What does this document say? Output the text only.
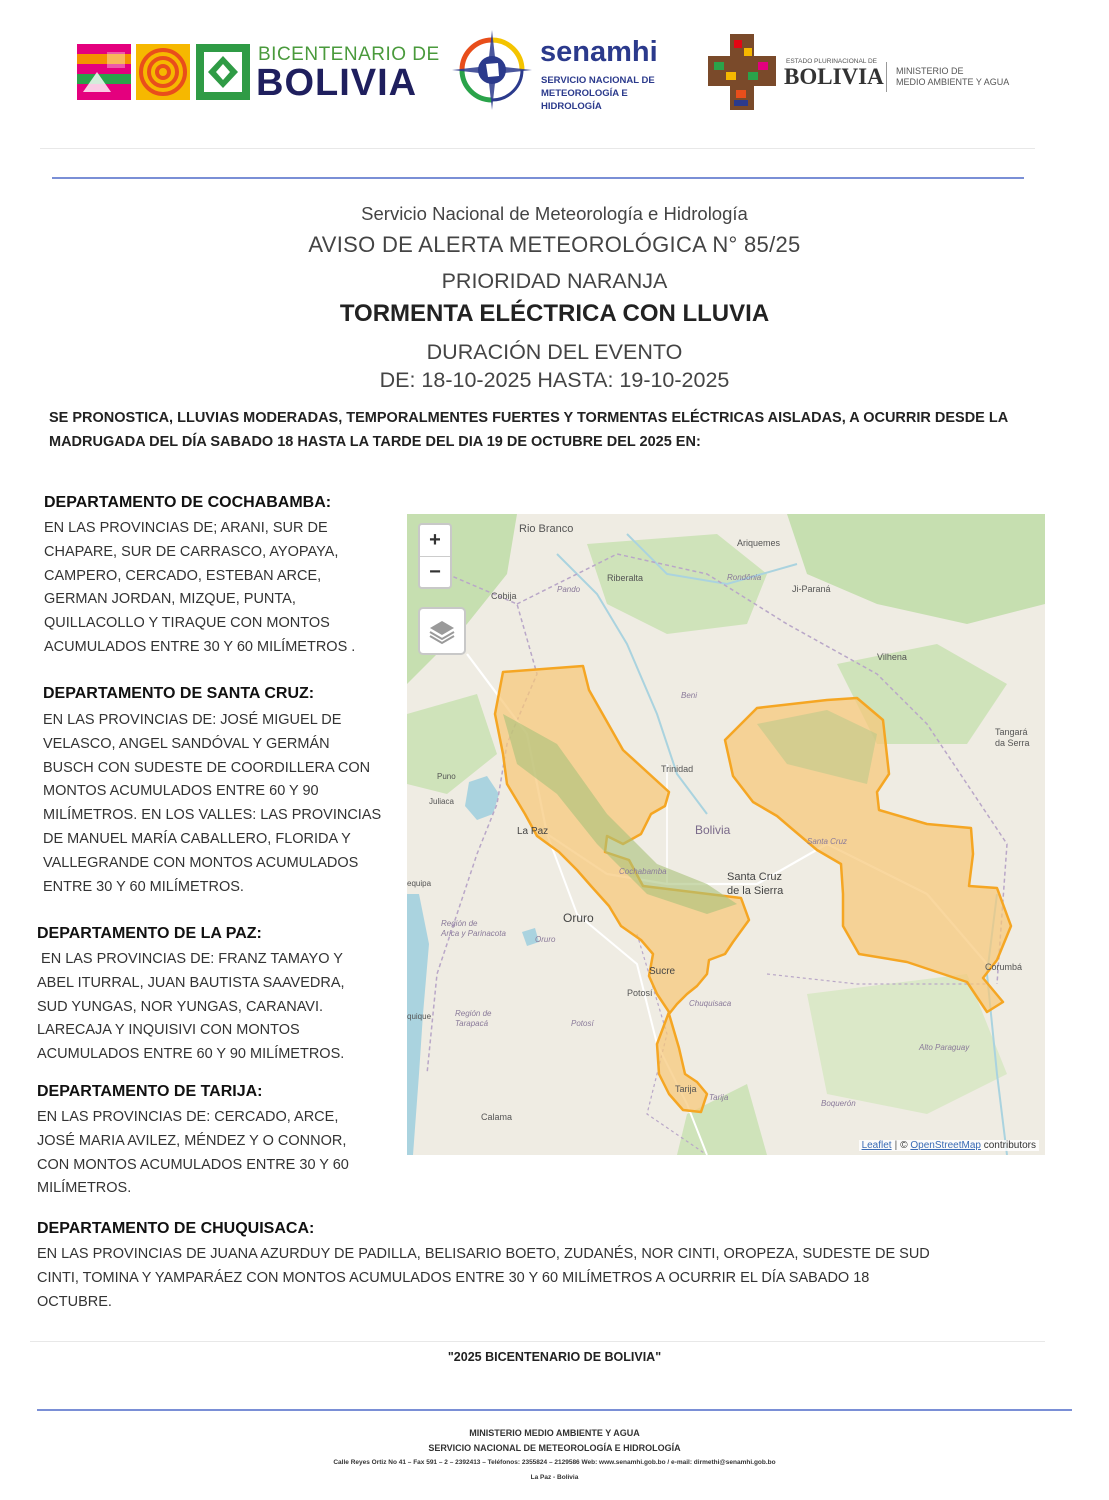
BICENTENARIO DE
BOLIVIA
senamhi
SERVICIO NACIONAL DE
METEOROLOGÍA E HIDROLOGÍA
ESTADO PLURINACIONAL DE
BOLIVIA MINISTERIO DE
MEDIO AMBIENTE Y AGUA
Servicio Nacional de Meteorología e Hidrología
AVISO DE ALERTA METEOROLÓGICA N° 85/25
PRIORIDAD NARANJA
TORMENTA ELÉCTRICA CON LLUVIA
DURACIÓN DEL EVENTO
DE: 18-10-2025 HASTA: 19-10-2025
SE PRONOSTICA, LLUVIAS MODERADAS, TEMPORALMENTES FUERTES Y TORMENTAS ELÉCTRICAS AISLADAS, A OCURRIR DESDE LA MADRUGADA DEL DÍA SABADO 18 HASTA LA TARDE DEL DIA 19 DE OCTUBRE DEL 2025 EN:
DEPARTAMENTO DE COCHABAMBA:
EN LAS PROVINCIAS DE; ARANI, SUR DE
CHAPARE, SUR DE CARRASCO, AYOPAYA,
CAMPERO, CERCADO, ESTEBAN ARCE,
GERMAN JORDAN, MIZQUE, PUNTA,
QUILLACOLLO Y TIRAQUE CON MONTOS
ACUMULADOS ENTRE 30 Y 60 MILÍMETROS .
DEPARTAMENTO DE SANTA CRUZ:
EN LAS PROVINCIAS DE: JOSÉ MIGUEL DE
VELASCO, ANGEL SANDÓVAL Y GERMÁN
BUSCH CON SUDESTE DE COORDILLERA CON
MONTOS ACUMULADOS ENTRE 60 Y 90
MILÍMETROS. EN LOS VALLES: LAS PROVINCIAS
DE MANUEL MARÍA CABALLERO, FLORIDA Y
VALLEGRANDE CON MONTOS ACUMULADOS
ENTRE 30 Y 60 MILÍMETROS.
DEPARTAMENTO DE LA PAZ:
EN LAS PROVINCIAS DE: FRANZ TAMAYO Y
ABEL ITURRAL, JUAN BAUTISTA SAAVEDRA,
SUD YUNGAS, NOR YUNGAS, CARANAVI.
LARECAJA Y INQUISIVI CON MONTOS
ACUMULADOS ENTRE 60 Y 90 MILÍMETROS.
DEPARTAMENTO DE TARIJA:
EN LAS PROVINCIAS DE: CERCADO, ARCE,
JOSÉ MARIA AVILEZ, MÉNDEZ Y O CONNOR,
CON MONTOS ACUMULADOS ENTRE 30 Y 60
MILÍMETROS.
DEPARTAMENTO DE CHUQUISACA:
EN LAS PROVINCIAS DE JUANA AZURDUY DE PADILLA, BELISARIO BOETO, ZUDANÉS, NOR CINTI, OROPEZA, SUDESTE DE SUD
CINTI, TOMINA Y YAMPARÁEZ CON MONTOS ACUMULADOS ENTRE 30 Y 60 MILÍMETROS A OCURRIR EL DÍA SABADO 18
OCTUBRE.
Rio Branco
Ariquemes
Riberalta	Rondônia
Ji-Paraná
Cobija
Pando
Vilhena
Beni
Tangará
da Serra
Trinidad
Bolivia
La Paz
Puno
Juliaca
Santa Cruz
de la Sierra
Santa Cruz
Cochabamba
Oruro
Oruro
Región de
Arica y Parinacota
Sucre
Potosí
Potosí
Chuquisaca
Corumbá
Región de
Tarapacá
Tarija
Tarija
Alto Paraguay
Boquerón
Calama
quique
equipa
Leaflet | © OpenStreetMap contributors
+
−
"2025 BICENTENARIO DE BOLIVIA"
MINISTERIO MEDIO AMBIENTE Y AGUA
SERVICIO NACIONAL DE METEOROLOGÍA E HIDROLOGÍA
Calle Reyes Ortiz No 41 – Fax 591 – 2 – 2392413 – Teléfonos: 2355824 – 2129586 Web: www.senamhi.gob.bo / e-mail: dirmethi@senamhi.gob.bo
La Paz - Bolivia
